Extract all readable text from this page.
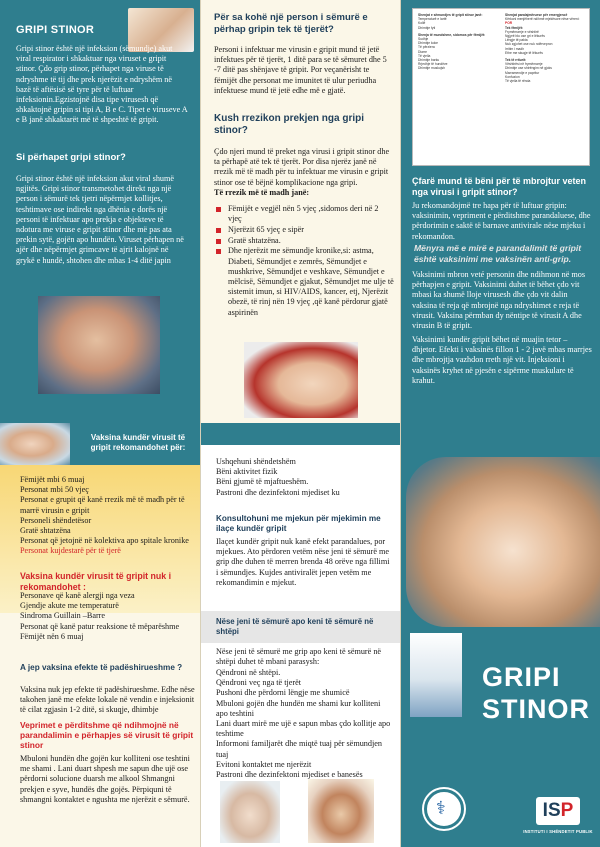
GRIPI STINOR
Gripi stinor është një infeksion (sëmundje) akut viral respirator i shkaktuar nga viruset e gripit stinor. Çdo grip stinor, përhapet nga viruse të ndryshme të tij dhe prek njerëzit e ndryshëm në bazë të aftësisë së tyre për të luftuar infeksionin.Egzistojnë disa tipe virusesh që shkaktojnë gripin si tipi A, B e C. Tipet e viruseve A e B janë shkaktarët më të shpeshtë të gripit.
Si përhapet gripi stinor?
Gripi stinor është një infeksion akut viral shumë ngjitës. Gripi stinor transmetohet direkt nga një person i sëmurë tek tjetri nëpërmjet kollitjes, teshtimave ose indirekt nga dhënia e dorës një personi të infektuar apo prekja e objekteve të ndotura me viruse e gripit stinor dhe më pas ata prekin sytë, gojën apo hundën. Viruset përhapen në ajër dhe nëpërmjet grimcave të ajrit kalojnë në grykë e hundë, shtohen dhe mbas 1-4 ditë japin
Për sa kohë një person i sëmurë e përhap gripin tek të tjerët?
Personi i infektuar me virusin e gripit mund të jetë infektues për të tjerët, 1 ditë para se të sëmuret dhe 5 -7 ditë pas shënjave të gripit. Por veçanërisht te fëmijët dhe personat me imunitet të ulur periudha infektuese mund të jetë edhe më e gjatë.
Kush rrezikon prekjen nga gripi stinor?
Çdo njeri mund të preket nga virusi i gripit stinor dhe ta përhapë atë tek të tjerët. Por disa njerëz janë në rrezik më të madh për tu infektuar me virusin e gripit stinor ose të bëjnë komplikacione nga gripi.
Të rrezik më të madh janë:
Fëmijët e vegjël nën 5 vjeç ,sidomos deri në 2 vjeç
Njerëzit 65 vjeç e sipër
Gratë shtatzëna.
Dhe njerëzit me sëmundje kronike,si: astma, Diabeti, Sëmundjet e zemrës, Sëmundjet e mushkrive, Sëmundjet e veshkave, Sëmundjet e mëlcisë, Sëmundjet e gjakut, Sëmundjet me ulje të sistemit imun, si HIV/AIDS, kancer, etj, Njerëzit obezë, të rinj nën 19 vjeç ,që kanë përdorur gjatë aspirinën
Shenjat e sëmundjes të gripit stinor janë:
Temperaturë e lartë
Kollë
Dhimbje fyti
Shenja të mundshme, sidomos për fëmijët:
Sudhje
Dhimbje koke
Të përziera
Diarre
Të vjella
Dhimbje barku
Rrjedhje të hundëve
Dhimbje muskujsh
Shenjat paralajmëruese për emergjencë
Kërkoni menjëherë ndihmë mjekësore nëse vëreni:
POR
Tek fëmijët:
Frymëmarrje e vështirë
Ngjyrë blu ose gri e lëkurës
Lëngje të pakta
Nuk zgjohet ose nuk ndërvepron
Irritim i madh
Ethe me skuqje të lëkurës
Tek të rriturit:
Vështirësi në frymëmarrje
Dhimbje ose shtrëngim në gjoks
Marramendje e papritur
Konfuzion
Të vjella të rënda
Çfarë mund të bëni për të mbrojtur veten nga virusi i gripit stinor?
Ju rekomandojmë tre hapa për të luftuar gripin: vaksinimin, vepriment e përditshme parandaluese, dhe përdorimin e saktë të barnave antivirale nëse mjeku i rekomandon.
Mënyra më e mirë e parandalimit të gripit është vaksinimi me vaksinën anti-grip.
Vaksinimi mbron veté personin dhe ndihmon në mos përhapjen e gripit. Vaksinimi duhet të bëhet çdo vit mbasi ka shumë lloje virusesh dhe çdo vit dalin vaksina të reja që mbrojnë nga ndryshimet e reja të virusit. Vaksina përmban dy nëntipe të virusit A dhe virusin B të gripit.
Vaksinimi kundër gripit bëhet në muajin tetor – dhjetor. Efekti i vaksinës fillon 1 - 2 javë mbas marrjes dhe mbrojtja vazhdon rreth një vit. Injeksioni i vaksinës kryhet në pjesën e sipërme muskulare të krahut.
Vaksina kundër virusit të gripit rekomandohet për:
Fëmijët mbi 6 muaj
Personat mbi 50 vjeç
Personat e grupit që kanë rrezik më të madh për të marrë virusin e gripit
Personeli shëndetësor
Gratë shtatzëna
Personat që jetojnë në kolektiva apo spitale kronike
Personat kujdestarë për të tjerë
Vaksina kundër virusit të gripit nuk i rekomandohet :
Personave që kanë alergji nga veza
Gjendje akute me temperaturë
Sindroma Guillain –Barre
Personat që kanë patur reaksione të mëparëshme
Fëmijët nën 6 muaj
A jep vaksina efekte të padëshirueshme ?
Vaksina nuk jep efekte të padëshirueshme. Edhe nëse takohen janë me efekte lokale në vendin e injeksionit të cilat zgjasin 1-2 ditë, si skuqje, dhimbje
Veprimet e përditshme që ndihmojnë në parandalimin e përhapjes së virusit të gripit stinor
Mbuloni hundën dhe gojën kur kolliteni ose teshtini me shami . Lani duart shpesh me sapun dhe ujë ose përdorni solucione duarsh me alkool Shmangni prekjen e syve, hundës dhe gojës. Përpiquni të shmangni kontaktet e ngushta me njerëzit e sëmurë.
Ushqehuni shëndetshëm
Bëni aktivitet fizik
Bëni gjumë të mjaftueshëm.
Pastroni dhe dezinfektoni mjediset ku
Konsultohuni me mjekun për mjekimin me ilaçe kundër gripit
Ilaçet kundër gripit nuk kanë efekt parandalues, por mjekues. Ato përdoren vetëm nëse jeni të sëmurë me grip dhe duhen të merren brenda 48 orëve nga fillimi i sëmundjes. Kujdes antiviralët jepen vetëm me rekomandimin e mjekut.
Nëse jeni të sëmurë apo keni të sëmurë në shtëpi
Nëse jeni të sëmurë me grip apo keni të sëmurë në shtëpi duhet të mbani parasysh:
Qëndroni në shtëpi.
Qëndroni veç nga të tjerët
Pushoni dhe përdorni lëngje me shumicë
Mbuloni gojën dhe hundën me shami kur kolliteni apo teshtini
Lani duart mirë me ujë e sapun mbas çdo kollitje apo teshtime
Informoni familjarët dhe miqtë tuaj për sëmundjen tuaj
Evitoni kontaktet me njerëzit
Pastroni dhe dezinfektoni mjediset e banesës
GRIPI
STINOR
⚕	ISP
INSTITUTI I SHËNDETIT PUBLIK
